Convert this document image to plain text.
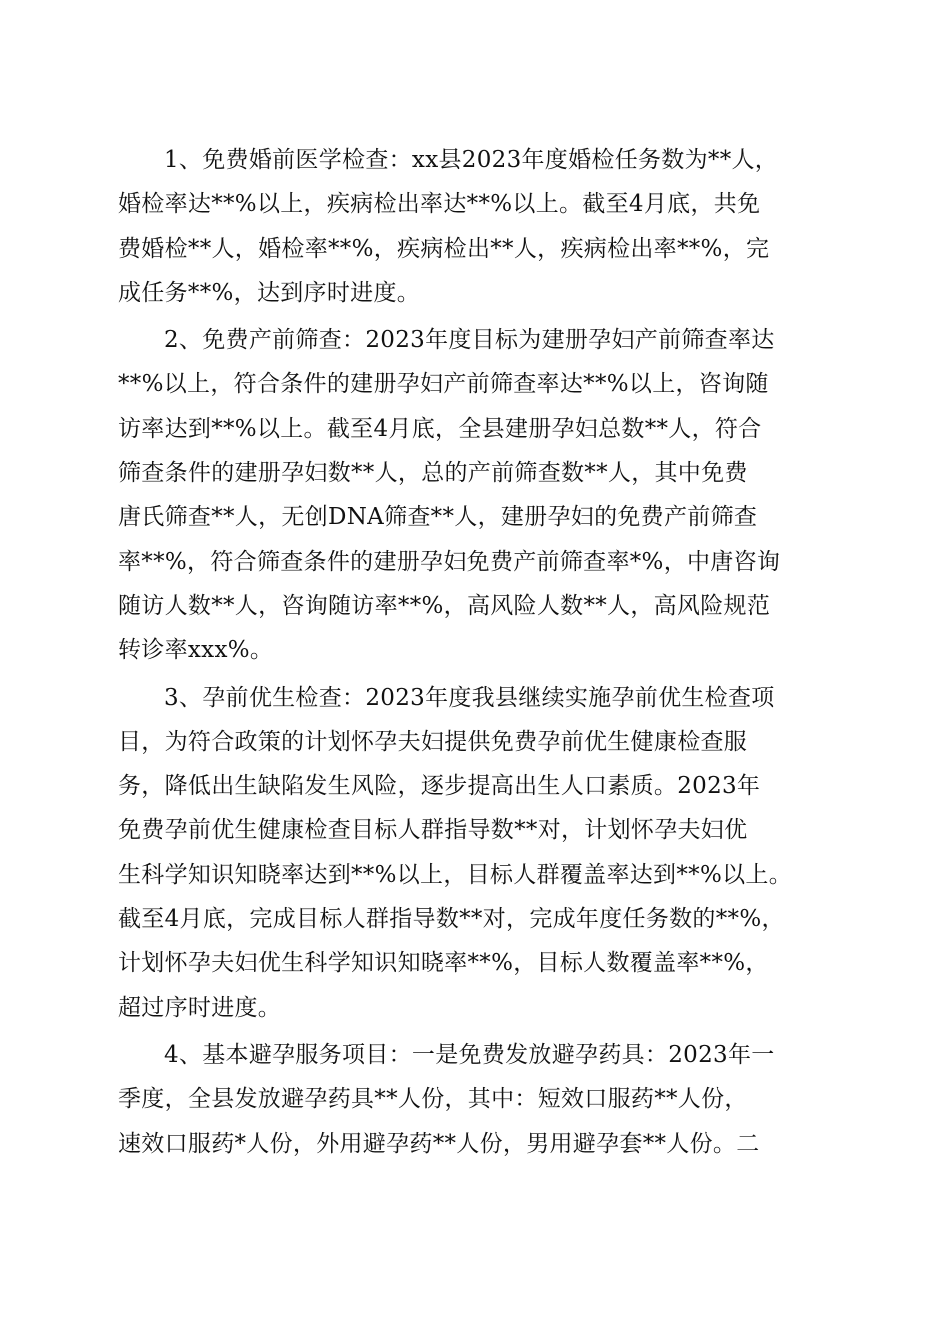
1、免费婚前医学检查：xx县2023年度婚检任务数为**人，
婚检率达**%以上，疾病检出率达**%以上。截至4月底，共免
费婚检**人，婚检率**%，疾病检出**人，疾病检出率**%，完
成任务**%，达到序时进度。

2、免费产前筛查：2023年度目标为建册孕妇产前筛查率达
**%以上，符合条件的建册孕妇产前筛查率达**%以上，咨询随
访率达到**%以上。截至4月底，全县建册孕妇总数**人，符合
筛查条件的建册孕妇数**人，总的产前筛查数**人，其中免费
唐氏筛查**人，无创DNA筛查**人，建册孕妇的免费产前筛查
率**%，符合筛查条件的建册孕妇免费产前筛查率*%，中唐咨询
随访人数**人，咨询随访率**%，高风险人数**人，高风险规范
转诊率xxx%。

3、孕前优生检查：2023年度我县继续实施孕前优生检查项
目，为符合政策的计划怀孕夫妇提供免费孕前优生健康检查服
务，降低出生缺陷发生风险，逐步提高出生人口素质。2023年
免费孕前优生健康检查目标人群指导数**对，计划怀孕夫妇优
生科学知识知晓率达到**%以上，目标人群覆盖率达到**%以上。
截至4月底，完成目标人群指导数**对，完成年度任务数的**%，
计划怀孕夫妇优生科学知识知晓率**%，目标人数覆盖率**%，
超过序时进度。

4、基本避孕服务项目：一是免费发放避孕药具：2023年一
季度，全县发放避孕药具**人份，其中：短效口服药**人份，
速效口服药*人份，外用避孕药**人份，男用避孕套**人份。二
